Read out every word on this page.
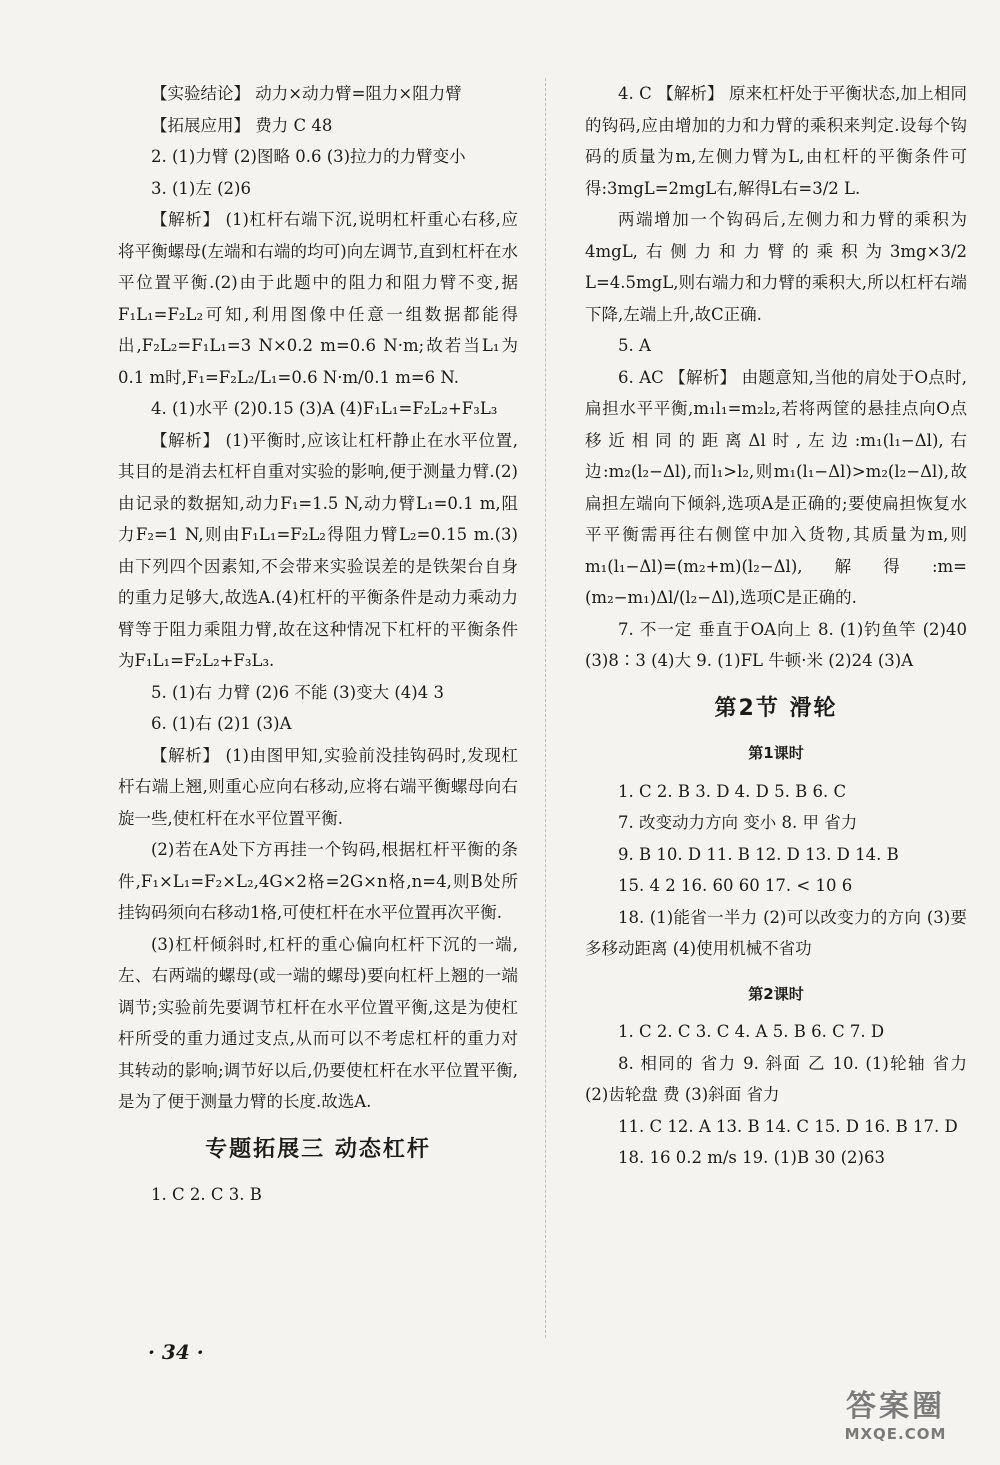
【实验结论】 动力×动力臂=阻力×阻力臂

【拓展应用】 费力 C 48

2. (1)力臂 (2)图略 0.6 (3)拉力的力臂变小

3. (1)左 (2)6

【解析】 (1)杠杆右端下沉,说明杠杆重心右移,应将平衡螺母(左端和右端的均可)向左调节,直到杠杆在水平位置平衡.(2)由于此题中的阻力和阻力臂不变,据F₁L₁=F₂L₂可知,利用图像中任意一组数据都能得出,F₂L₂=F₁L₁=3 N×0.2 m=0.6 N·m;故若当L₁为0.1 m时,F₁=F₂L₂/L₁=0.6 N·m/0.1 m=6 N.

4. (1)水平 (2)0.15 (3)A (4)F₁L₁=F₂L₂+F₃L₃

【解析】 (1)平衡时,应该让杠杆静止在水平位置,其目的是消去杠杆自重对实验的影响,便于测量力臂.(2)由记录的数据知,动力F₁=1.5 N,动力臂L₁=0.1 m,阻力F₂=1 N,则由F₁L₁=F₂L₂得阻力臂L₂=0.15 m.(3)由下列四个因素知,不会带来实验误差的是铁架台自身的重力足够大,故选A.(4)杠杆的平衡条件是动力乘动力臂等于阻力乘阻力臂,故在这种情况下杠杆的平衡条件为F₁L₁=F₂L₂+F₃L₃.

5. (1)右 力臂 (2)6 不能 (3)变大 (4)4 3

6. (1)右 (2)1 (3)A

【解析】 (1)由图甲知,实验前没挂钩码时,发现杠杆右端上翘,则重心应向右移动,应将右端平衡螺母向右旋一些,使杠杆在水平位置平衡.

(2)若在A处下方再挂一个钩码,根据杠杆平衡的条件,F₁×L₁=F₂×L₂,4G×2格=2G×n格,n=4,则B处所挂钩码须向右移动1格,可使杠杆在水平位置再次平衡.

(3)杠杆倾斜时,杠杆的重心偏向杠杆下沉的一端,左、右两端的螺母(或一端的螺母)要向杠杆上翘的一端调节;实验前先要调节杠杆在水平位置平衡,这是为使杠杆所受的重力通过支点,从而可以不考虑杠杆的重力对其转动的影响;调节好以后,仍要使杠杆在水平位置平衡,是为了便于测量力臂的长度.故选A.

专题拓展三 动态杠杆

1. C 2. C 3. B

4. C 【解析】 原来杠杆处于平衡状态,加上相同的钩码,应由增加的力和力臂的乘积来判定.设每个钩码的质量为m,左侧力臂为L,由杠杆的平衡条件可得:3mgL=2mgL右,解得L右=3/2 L.

两端增加一个钩码后,左侧力和力臂的乘积为4mgL,右侧力和力臂的乘积为3mg×3/2 L=4.5mgL,则右端力和力臂的乘积大,所以杠杆右端下降,左端上升,故C正确.

5. A

6. AC 【解析】 由题意知,当他的肩处于O点时,扁担水平平衡,m₁l₁=m₂l₂,若将两筐的悬挂点向O点移近相同的距离Δl时,左边:m₁(l₁−Δl),右边:m₂(l₂−Δl),而l₁>l₂,则m₁(l₁−Δl)>m₂(l₂−Δl),故扁担左端向下倾斜,选项A是正确的;要使扁担恢复水平平衡需再往右侧筐中加入货物,其质量为m,则m₁(l₁−Δl)=(m₂+m)(l₂−Δl),解得:m=(m₂−m₁)Δl/(l₂−Δl),选项C是正确的.

7. 不一定 垂直于OA向上 8. (1)钓鱼竿 (2)40 (3)8∶3 (4)大 9. (1)FL 牛顿·米 (2)24 (3)A

第2节 滑轮
第1课时

1. C 2. B 3. D 4. D 5. B 6. C

7. 改变动力方向 变小 8. 甲 省力

9. B 10. D 11. B 12. D 13. D 14. B

15. 4 2 16. 60 60 17. < 10 6

18. (1)能省一半力 (2)可以改变力的方向 (3)要多移动距离 (4)使用机械不省功

第2课时

1. C 2. C 3. C 4. A 5. B 6. C 7. D

8. 相同的 省力 9. 斜面 乙 10. (1)轮轴 省力 (2)齿轮盘 费 (3)斜面 省力

11. C 12. A 13. B 14. C 15. D 16. B 17. D

18. 16 0.2 m/s 19. (1)B 30 (2)63

· 34 ·
答案圈
MXQE.COM
